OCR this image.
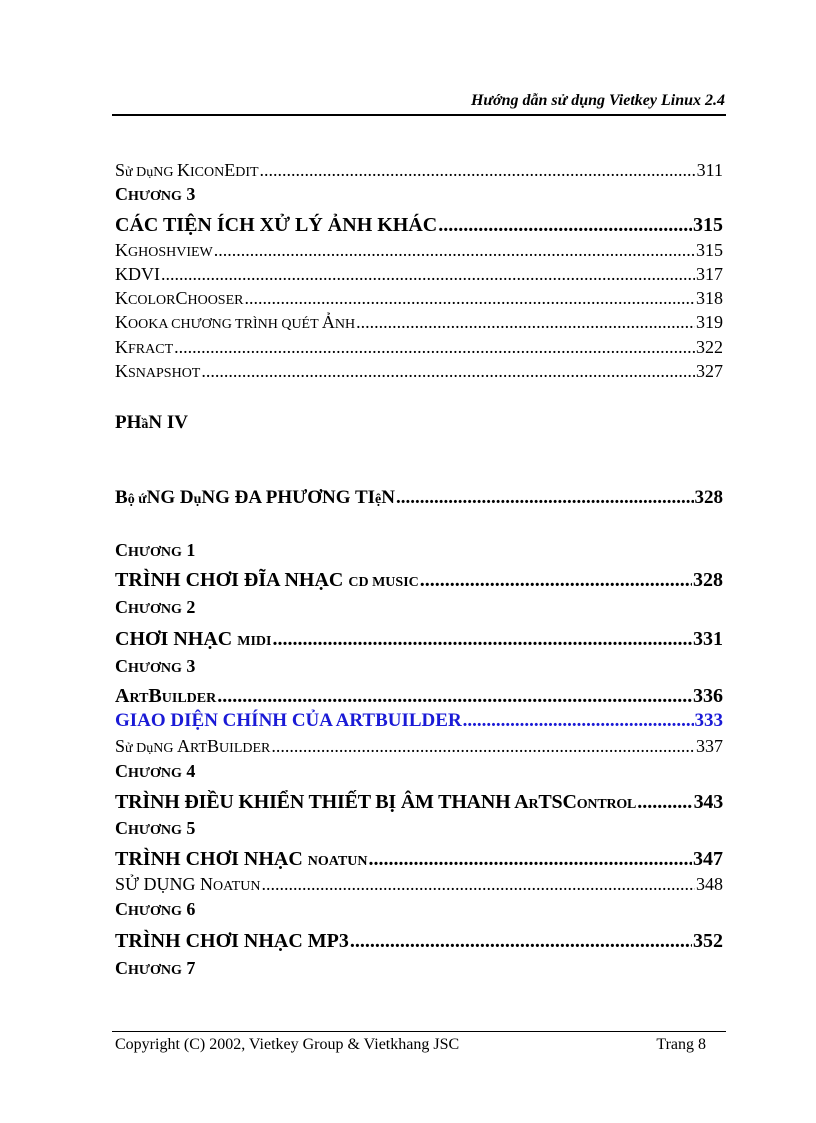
Hướng dẫn sử dụng Vietkey Linux 2.4
Sử DụNG KICONEDIT .....	311
CHƯƠNG 3
CÁC TIỆN ÍCH XỬ LÝ ẢNH KHÁC .....	315
KGHOSHVIEW .....	315
KDVI .....	317
KCOLORCHOOSER .....	318
KOOKA CHƯƠNG TRÌNH QUÉT ẢNH .....	319
KFRACT .....	322
KSNAPSHOT .....	327
PHầN IV
Bộ ứNG DụNG ĐA PHƯƠNG TIệN .....	328
CHƯƠNG 1
TRÌNH CHƠI ĐĨA NHẠC CD MUSIC .....	328
CHƯƠNG 2
CHƠI NHẠC MIDI .....	331
CHƯƠNG 3
ARTBUILDER .....	336
GIAO DIỆN CHÍNH CỦA ARTBUILDER .....	333
Sử DụNG ARTBUILDER .....	337
CHƯƠNG 4
TRÌNH ĐIỀU KHIỂN THIẾT BỊ ÂM THANH ARTSCONTROL .....	343
CHƯƠNG 5
TRÌNH CHƠI NHẠC NOATUN .....	347
SỬ DỤNG NOATUN .....	348
CHƯƠNG 6
TRÌNH CHƠI NHẠC MP3 .....	352
CHƯƠNG 7
Copyright (C) 2002, Vietkey Group & Vietkhang JSC	Trang 8
